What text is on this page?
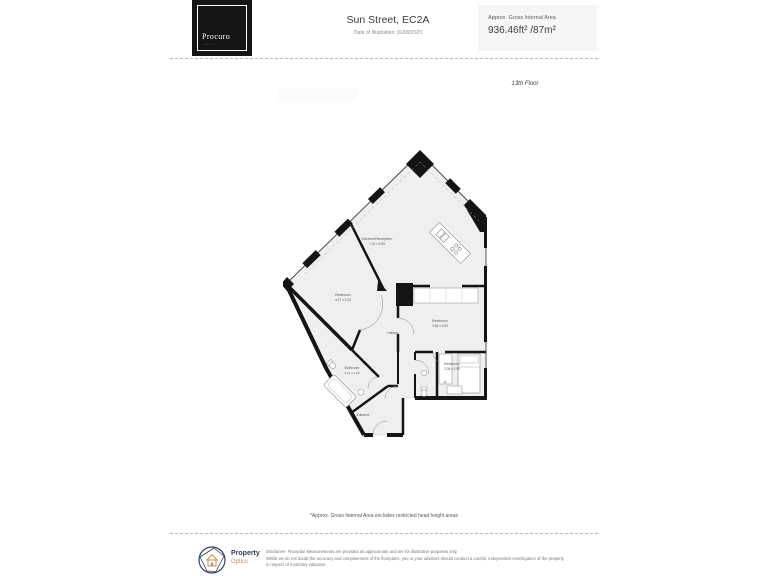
Procuro
·····
Sun Street, EC2A
Date of Illustration: 01/09/2023
Approx. Gross Internal Area
936.46ft² /87m²
13th Floor
Kitchen/Reception
7.01 x 5.95
Bedroom
4.27 x 3.20
Bedroom
3.66 x 2.92
Bedroom
3.05 x 2.59
Bathroom
2.21 x 1.90
Hallway
Entrance
*Approx. Gross Internal Area excludes restricted head height areas
Property
Optics
Disclaimer: Floorplan Measurements are provided as approximate and are for illustrative purposes only.
Whilst we do not doubt the accuracy and completeness of the floorplans, you or your advisors should conduct a careful, independent investigation of the property
in respect of monetary valuation.
